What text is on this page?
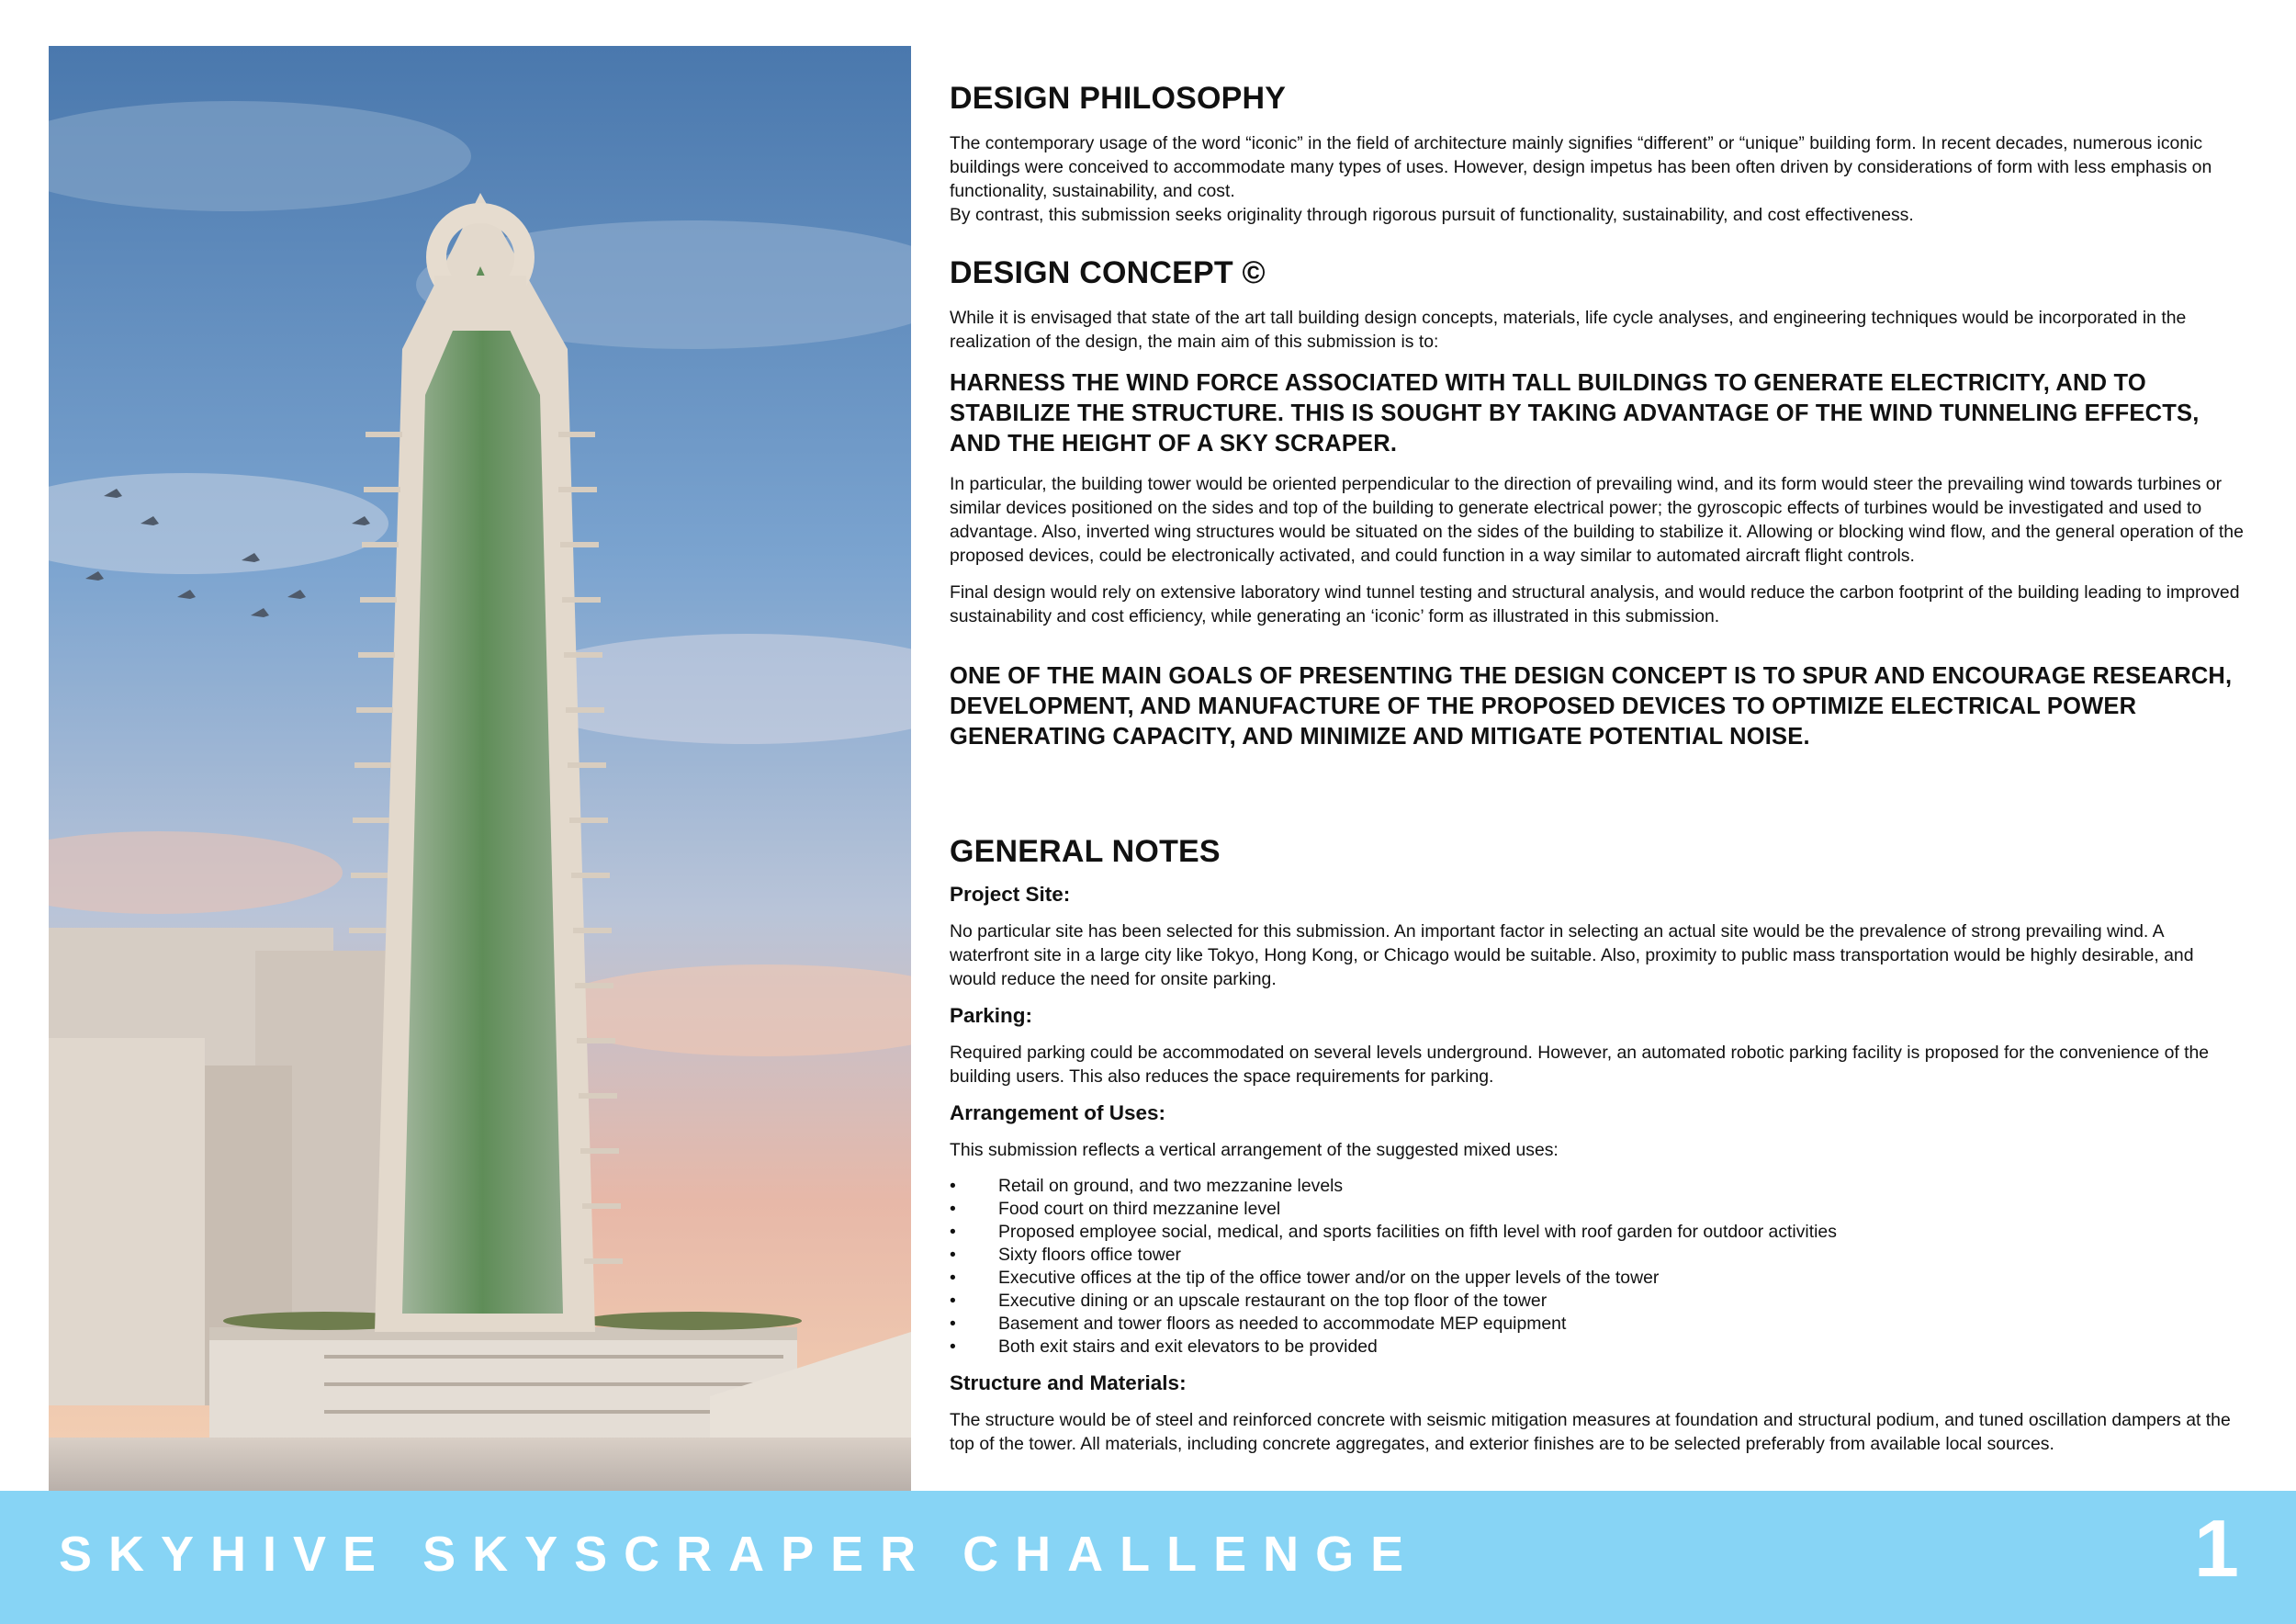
DESIGN PHILOSOPHY

The contemporary usage of the word “iconic” in the field of architecture mainly signifies “different” or “unique” building form. In recent decades, numerous iconic buildings were conceived to accommodate many types of uses. However, design impetus has been often driven by considerations of form with less emphasis on functionality, sustainability, and cost.

By contrast, this submission seeks originality through rigorous pursuit of functionality, sustainability, and cost effectiveness.

DESIGN CONCEPT ©

While it is envisaged that state of the art tall building design concepts, materials, life cycle analyses, and engineering techniques would be incorporated in the realization of the design, the main aim of this submission is to:

HARNESS THE WIND FORCE ASSOCIATED WITH TALL BUILDINGS TO GENERATE ELECTRICITY, AND TO STABILIZE THE STRUCTURE. THIS IS SOUGHT BY TAKING ADVANTAGE OF THE WIND TUNNELING EFFECTS, AND THE HEIGHT OF A SKY SCRAPER.

In particular, the building tower would be oriented perpendicular to the direction of prevailing wind, and its form would steer the prevailing wind towards turbines or similar devices positioned on the sides and top of the building to generate electrical power; the gyroscopic effects of turbines would be investigated and used to advantage. Also, inverted wing structures would be situated on the sides of the building to stabilize it. Allowing or blocking wind flow, and the general operation of the proposed devices, could be electronically activated, and could function in a way similar to automated aircraft flight controls.

Final design would rely on extensive laboratory wind tunnel testing and structural analysis, and would reduce the carbon footprint of the building leading to improved sustainability and cost efficiency, while generating an ‘iconic’ form as illustrated in this submission.

ONE OF THE MAIN GOALS OF PRESENTING THE DESIGN CONCEPT IS TO SPUR AND ENCOURAGE RESEARCH, DEVELOPMENT, AND MANUFACTURE OF THE PROPOSED DEVICES TO OPTIMIZE ELECTRICAL POWER GENERATING CAPACITY, AND MINIMIZE AND MITIGATE POTENTIAL NOISE.

GENERAL NOTES
Project Site:

No particular site has been selected for this submission. An important factor in selecting an actual site would be the prevalence of strong prevailing wind. A waterfront site in a large city like Tokyo, Hong Kong, or Chicago would be suitable. Also, proximity to public mass transportation would be highly desirable, and would reduce the need for onsite parking.

Parking:

Required parking could be accommodated on several levels underground. However, an automated robotic parking facility is proposed for the convenience of the building users. This also reduces the space requirements for parking.

Arrangement of Uses:

This submission reflects a vertical arrangement of the suggested mixed uses:

• Retail on ground, and two mezzanine levels
• Food court on third mezzanine level
• Proposed employee social, medical, and sports facilities on fifth level with roof garden for outdoor activities
• Sixty floors office tower
• Executive offices at the tip of the office tower and/or on the upper levels of the tower
• Executive dining or an upscale restaurant on the top floor of the tower
• Basement and tower floors as needed to accommodate MEP equipment
• Both exit stairs and exit elevators to be provided
Structure and Materials:

The structure would be of steel and reinforced concrete with seismic mitigation measures at foundation and structural podium, and tuned oscillation dampers at the top of the tower. All materials, including concrete aggregates, and exterior finishes are to be selected preferably from available local sources.

SKYHIVE SKYSCRAPER CHALLENGE	1
